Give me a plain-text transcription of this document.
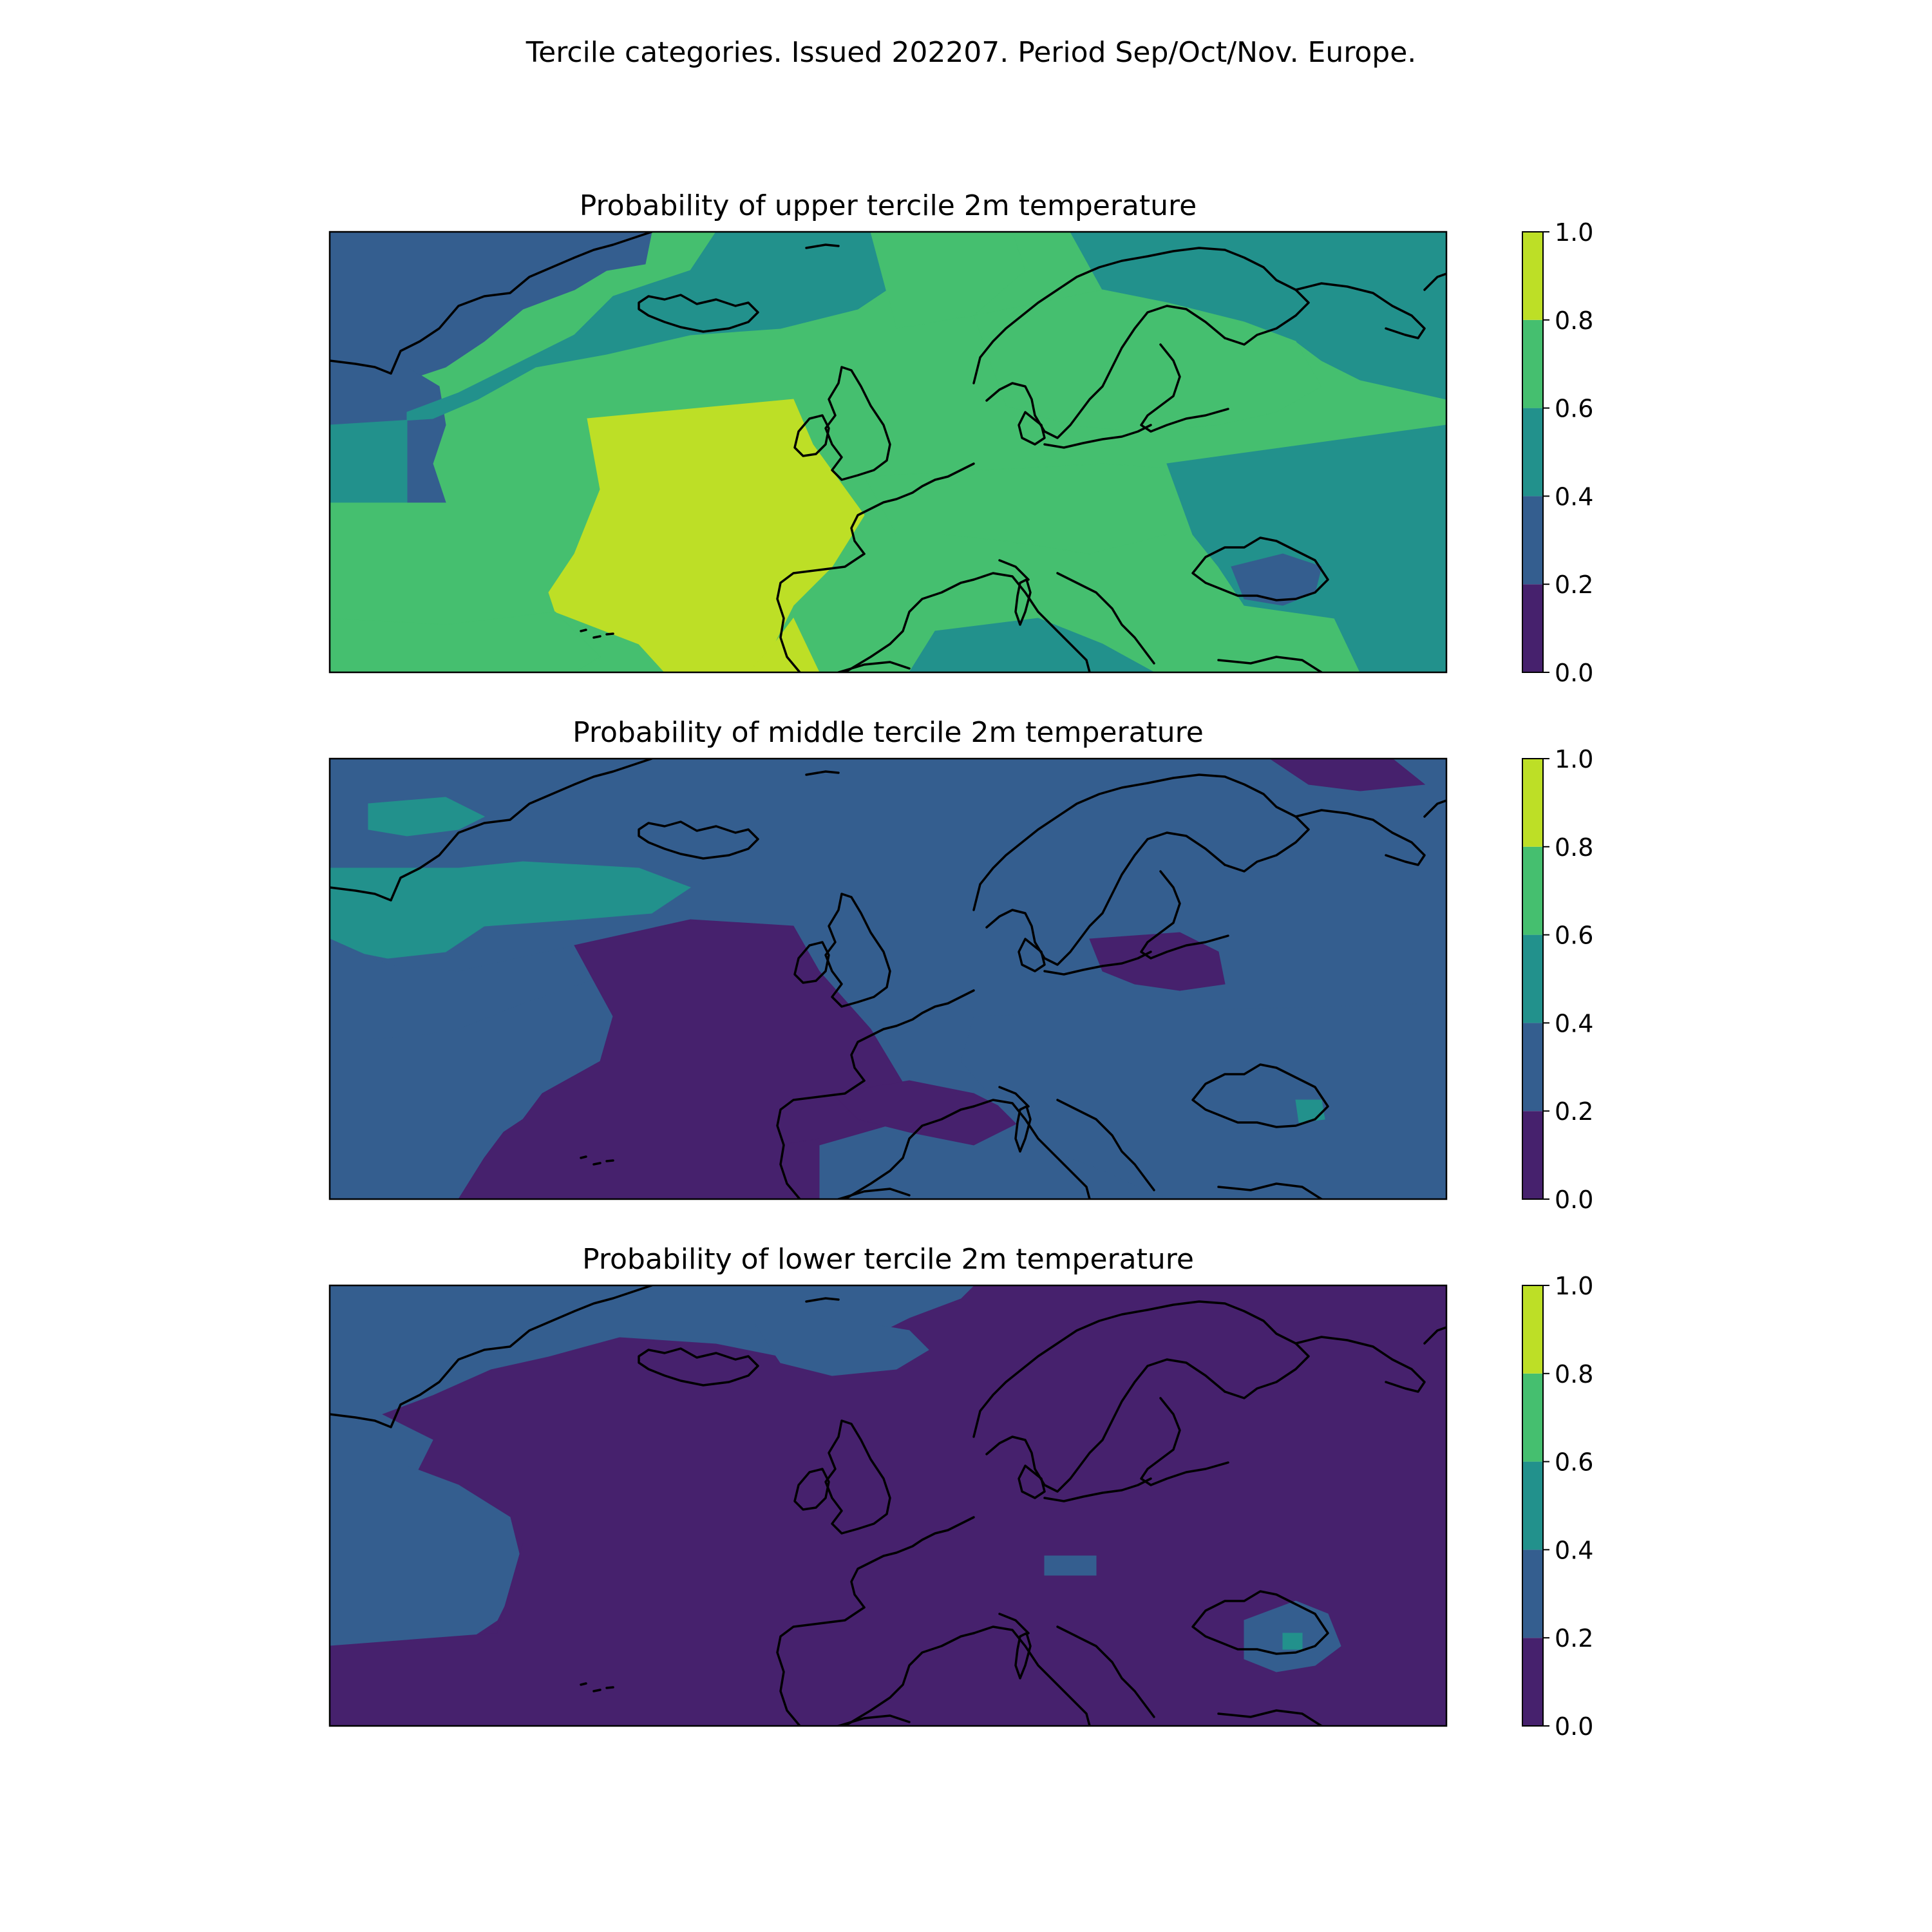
Tercile categories. Issued 202207. Period Sep/Oct/Nov. Europe.
Probability of upper tercile 2m temperature
0.0
0.2
0.4
0.6
0.8
1.0
Probability of middle tercile 2m temperature
0.0
0.2
0.4
0.6
0.8
1.0
Probability of lower tercile 2m temperature
0.0
0.2
0.4
0.6
0.8
1.0
